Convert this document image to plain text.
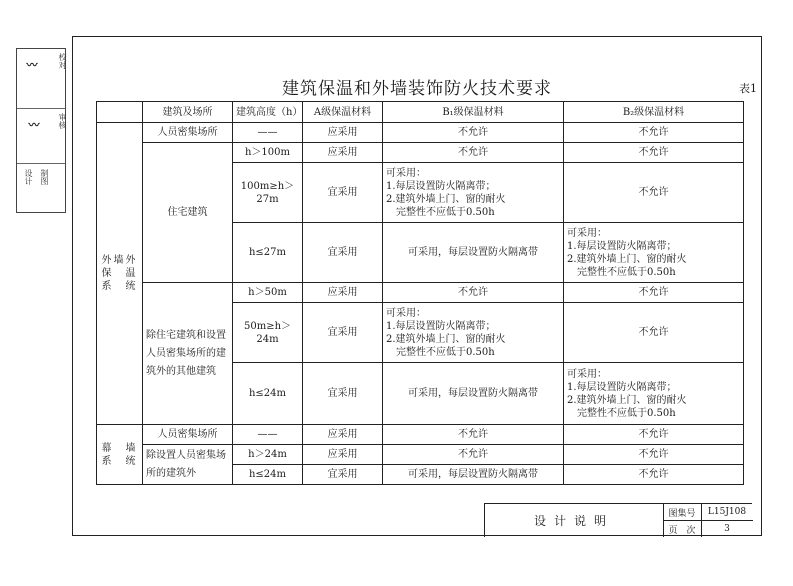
校对
审核
设计 制图
〰
〰
建筑保温和外墙装饰防火技术要求	表1
	建筑及场所	建筑高度（h）	A级保温材料	B₁级保温材料	B₂级保温材料
外墙外
保　温
系　统	人员密集场所	——	应采用	不允许	不允许
	住宅建筑	h＞100m	应采用	不允许	不允许
		100m≥h＞27m	宜采用	可采用：
1.每层设置防火隔离带；
2.建筑外墙上门、窗的耐火
　完整性不应低于0.50h	不允许
		h≤27m	宜采用	可采用，每层设置防火隔离带	可采用：
1.每层设置防火隔离带；
2.建筑外墙上门、窗的耐火
　完整性不应低于0.50h
	除住宅建筑和设置人员密集场所的建筑外的其他建筑	h＞50m	应采用	不允许	不允许
		50m≥h＞24m	宜采用	可采用：
1.每层设置防火隔离带；
2.建筑外墙上门、窗的耐火
　完整性不应低于0.50h	不允许
		h≤24m	宜采用	可采用，每层设置防火隔离带	可采用：
1.每层设置防火隔离带；
2.建筑外墙上门、窗的耐火
　完整性不应低于0.50h
幕　墙
系　统	人员密集场所	——	应采用	不允许	不允许
	除设置人员密集场所的建筑外	h＞24m	应采用	不允许	不允许
		h≤24m	宜采用	可采用，每层设置防火隔离带	不允许
设计说明
图集号	L15J108
页　次	3
